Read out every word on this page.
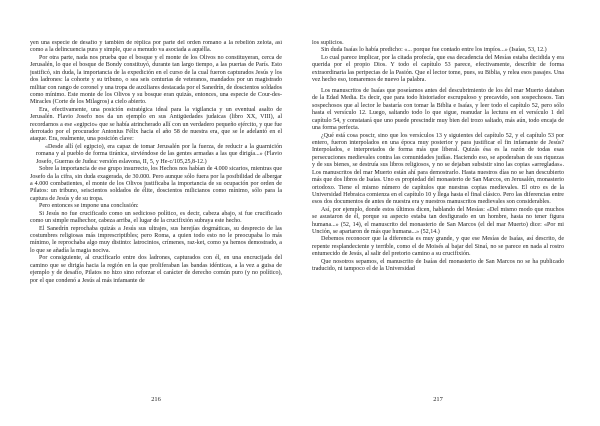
yen una especie de desafío y también de réplica por parte del orden romano a la rebelión zelota, así como a la delincuencia pura y simple, que a menudo va asociada a aquélla.

Por otra parte, nada nos prueba que el bosque y el monte de los Olivos no constituyeran, cerca de Jerusalén, lo que el bosque de Bondy constituyó, durante tan largo tiempo, a las puertas de París. Esto justificó, sin duda, la importancia de la expedición en el curso de la cual fueron capturados Jesús y los dos ladrones: la cohorte y su tribuno, o sea seis centurias de veteranos, mandados por un magistrado militar con rango de coronel y una tropa de auxiliares destacada por el Sanedrín, de doscientos soldados como mínimo. Este monte de los Olivos y su bosque eran quizás, entonces, una especie de Cour-des-Miracles (Corte de los Milagros) a cielo abierto.

Era, efectivamente, una posición estratégica ideal para la vigilancia y un eventual asalto de Jerusalén. Flavio Josefo nos da un ejemplo en sus Antigüedades judaicas (libro XX, VIII), al recordarnos a ese «egipcio» que se había atrincherado allí con un verdadero pequeño ejército, y que fue derrotado por el procurador Antonius Félix hacia el año 58 de nuestra era, que se le adelantó en el ataque. Era, realmente, una posición clave:

«Desde allí (el egipcio), era capaz de tomar Jerusalén por la fuerza, de reducir a la guarnición romana y al pueblo de forma tiránica, sirviéndose de las gentes armadas a las que dirigía...» (Flavio Josefo, Guerras de Judea: versión eslavona, II, 5, y He-c/105,25,8-12.)

Sobre la importancia de ese grupo insurrecto, los Hechos nos habían de 4.000 sicarios, mientras que Josefo da la cifra, sin duda exagerada, de 30.000. Pero aunque sólo fuera por la posibilidad de albergar a 4.000 combatientes, el monte de los Olivos justificaba la importancia de su ocupación por orden de Pilatos: un tribuno, seiscientos soldados de élite, doscientos milicianos como mínimo, sólo para la captura de Jesús y de su tropa.

Pero entonces se impone una conclusión:

Si Jesús no fue crucificado como un sedicioso político, es decir, cabeza abajo, si fue crucificado como un simple malhechor, cabeza arriba, el lugar de la crucifixión subraya este hecho.

El Sanedrín reprochaba quizás a Jesús sus ultrajes, sus herejías dogmáticas, su desprecio de las costumbres religiosas más imprescriptibles; pero Roma, a quien todo esto no le preocupaba lo más mínimo, le reprochaba algo muy distinto: latrocinios, crímenes, raz-ket, como ya hemos demostrado, a lo que se añadía la magia nociva.

Por consiguiente, al crucificarlo entre dos ladrones, capturados con él, en una encrucijada del camino que se dirigía hacia la región en la que proliferaban las bandas idénticas, a la vez a guisa de ejemplo y de desafío, Pilatos no hizo sino reforzar el carácter de derecho común puro (y no político), por el que condenó a Jesús al más infamante de

216

los suplicios.

Sin duda Isaías lo había predicho: «... porque fue contado entre los impíos...» (Isaías, 53, 12.)

Lo cual parece implicar, por la citada profecía, que esa decadencia del Mesías estaba decidida y era querida por el propio Dios. Y todo el capítulo 53 parece, efectivamente, describir de forma extraordinaria las peripecias de la Pasión. Que el lector tome, pues, su Biblia, y relea esos pasajes. Una vez hecho eso, tomaremos de nuevo la palabra.

Los manuscritos de Isaías que poseíamos antes del descubrimiento de los del mar Muerto databan de la Edad Media. Es decir, que para todo historiador escrupuloso y precavido, son sospechosos. Tan sospechosos que al lector le bastaría con tomar la Biblia e Isaías, y leer todo el capítulo 52, pero sólo hasta el versículo 12. Luego, saltando todo lo que sigue, reanudar la lectura en el versículo 1 del capítulo 54, y constatará que uno puede prescindir muy bien del trozo saltado, más aún, todo encaja de una forma perfecta.

¿Qué está cosa poscir, sino que los versículos 13 y siguientes del capítulo 52, y el capítulo 53 por entero, fueron interpolados en una época muy posterior y para justificar el fin infamante de Jesús? Interpolados, e interpretados de forma más que liberal. Quizás ésa es la razón de todas esas persecuciones medievales contra las comunidades judías. Haciendo eso, se apoderaban de sus riquezas y de sus bienes, se destruía sus libros religiosos, y no se dejaban subsistir sino las copias «arregladas». Los manuscritos del mar Muerto están ahí para demostrarlo. Hasta nuestros días no se han descubierto más que dos libros de Isaías. Uno es propiedad del monasterio de San Marcos, en Jerusalén, monasterio ortodoxo. Tiene el mismo número de capítulos que nuestras copias medievales. El otro es de la Universidad Hebraica comienza en el capítulo 10 y llega hasta el final clásico. Pero las diferencias entre esos dos documentos de antes de nuestra era y nuestros manuscritos medievales son considerables.

Así, por ejemplo, donde estos últimos dicen, hablando del Mesías: «Del mismo modo que muchos se asustaron de él, porque su aspecto estaba tan desfigurado en un hombre, hasta no tener figura humana...» (52, 14), el manuscrito del monasterio de San Marcos (el del mar Muerto) dice: «Por mi Unción, se apartaron de más que humana...» (52,14.)

Debemos reconocer que la diferencia es muy grande, y que ese Mesías de Isaías, así descrito, de repente resplandeciente y terrible, como el de Moisés al bajar del Sinaí, no se parece en nada al rostro entumecido de Jesús, al salir del pretorio camino a su crucifixión.

Que nosotros sepamos, el manuscrito de Isaías del monasterio de San Marcos no se ha publicado traducido, ni tampoco el de la Universidad

217
